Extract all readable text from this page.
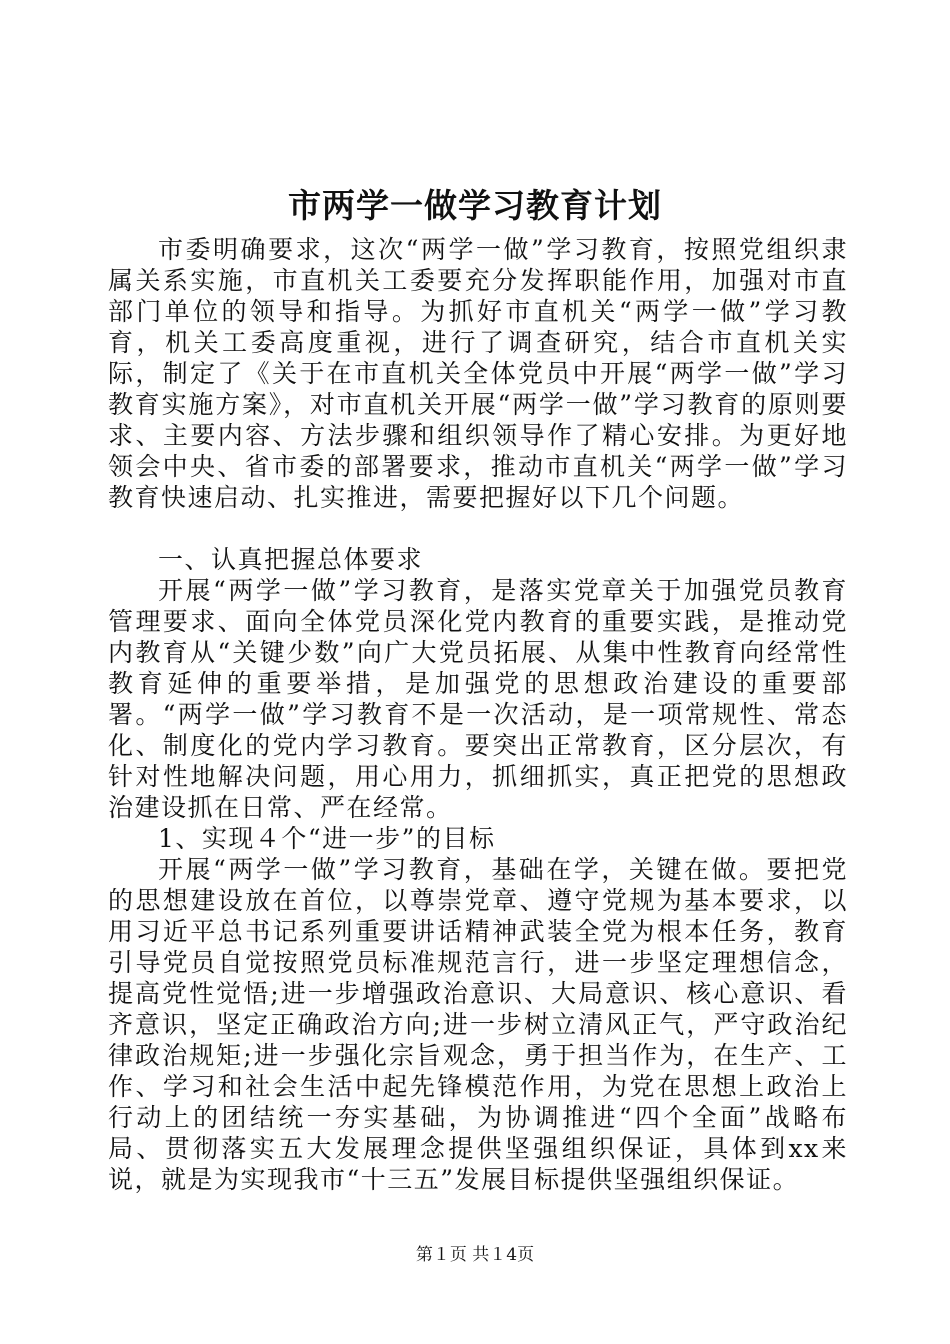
市两学一做学习教育计划

市委明确要求，这次“两学一做”学习教育，按照党组织隶属关系实施，市直机关工委要充分发挥职能作用，加强对市直部门单位的领导和指导。为抓好市直机关“两学一做”学习教育，机关工委高度重视，进行了调查研究，结合市直机关实际，制定了《关于在市直机关全体党员中开展“两学一做”学习教育实施方案》，对市直机关开展“两学一做”学习教育的原则要求、主要内容、方法步骤和组织领导作了精心安排。为更好地领会中央、省市委的部署要求，推动市直机关“两学一做”学习教育快速启动、扎实推进，需要把握好以下几个问题。

一、认真把握总体要求

开展“两学一做”学习教育，是落实党章关于加强党员教育管理要求、面向全体党员深化党内教育的重要实践，是推动党内教育从“关键少数”向广大党员拓展、从集中性教育向经常性教育延伸的重要举措，是加强党的思想政治建设的重要部署。“两学一做”学习教育不是一次活动，是一项常规性、常态化、制度化的党内学习教育。要突出正常教育，区分层次，有针对性地解决问题，用心用力，抓细抓实，真正把党的思想政治建设抓在日常、严在经常。

1、实现４个“进一步”的目标

开展“两学一做”学习教育，基础在学，关键在做。要把党的思想建设放在首位，以尊崇党章、遵守党规为基本要求，以用习近平总书记系列重要讲话精神武装全党为根本任务，教育引导党员自觉按照党员标准规范言行，进一步坚定理想信念，提高党性觉悟;进一步增强政治意识、大局意识、核心意识、看齐意识，坚定正确政治方向;进一步树立清风正气，严守政治纪律政治规矩;进一步强化宗旨观念，勇于担当作为，在生产、工作、学习和社会生活中起先锋模范作用，为党在思想上政治上行动上的团结统一夯实基础，为协调推进“四个全面”战略布局、贯彻落实五大发展理念提供坚强组织保证，具体到xx来说，就是为实现我市“十三五”发展目标提供坚强组织保证。

第１页 共１4页
